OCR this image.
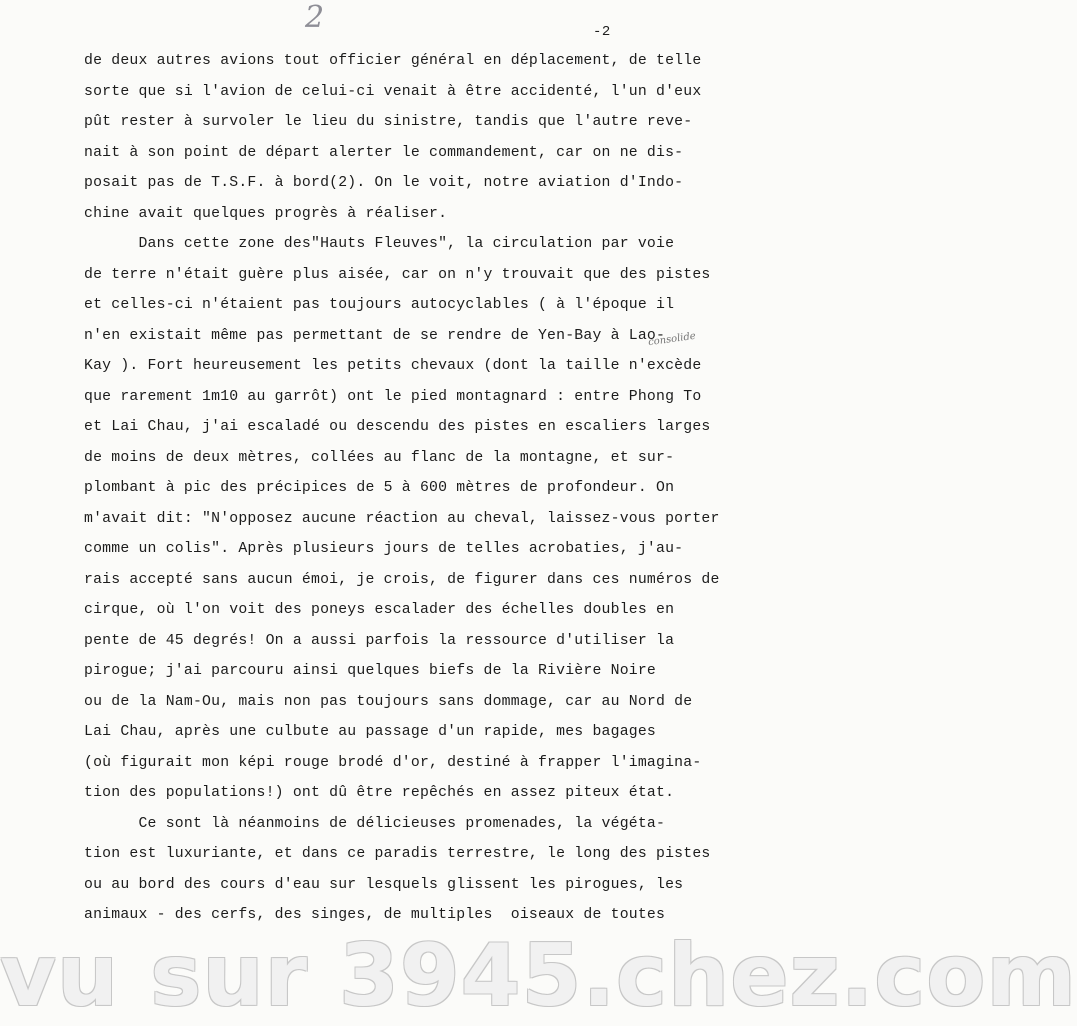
2	-2
de deux autres avions tout officier général en déplacement, de telle
sorte que si l'avion de celui-ci venait à être accidenté, l'un d'eux
pût rester à survoler le lieu du sinistre, tandis que l'autre reve-
nait à son point de départ alerter le commandement, car on ne dis-
posait pas de T.S.F. à bord(2). On le voit, notre aviation d'Indo-
chine avait quelques progrès à réaliser.
Dans cette zone des"Hauts Fleuves", la circulation par voie
de terre n'était guère plus aisée, car on n'y trouvait que des pistes
et celles-ci n'étaient pas toujours autocyclables ( à l'époque il
n'en existait même pas permettant de se rendre de Yen-Bay à Lao-
Kay ). Fort heureusement les petits chevaux (dont la taille n'excède
que rarement 1m10 au garrôt) ont le pied montagnard : entre Phong To
et Lai Chau, j'ai escaladé ou descendu des pistes en escaliers larges
de moins de deux mètres, collées au flanc de la montagne, et sur-
plombant à pic des précipices de 5 à 600 mètres de profondeur. On
m'avait dit: "N'opposez aucune réaction au cheval, laissez-vous porter
comme un colis". Après plusieurs jours de telles acrobaties, j'au-
rais accepté sans aucun émoi, je crois, de figurer dans ces numéros de
cirque, où l'on voit des poneys escalader des échelles doubles en
pente de 45 degrés! On a aussi parfois la ressource d'utiliser la
pirogue; j'ai parcouru ainsi quelques biefs de la Rivière Noire
ou de la Nam-Ou, mais non pas toujours sans dommage, car au Nord de
Lai Chau, après une culbute au passage d'un rapide, mes bagages
(où figurait mon képi rouge brodé d'or, destiné à frapper l'imagina-
tion des populations!) ont dû être repêchés en assez piteux état.
Ce sont là néanmoins de délicieuses promenades, la végéta-
tion est luxuriante, et dans ce paradis terrestre, le long des pistes
ou au bord des cours d'eau sur lesquels glissent les pirogues, les
animaux - des cerfs, des singes, de multiples  oiseaux de toutes
consolide
vu sur 3945.chez.com
